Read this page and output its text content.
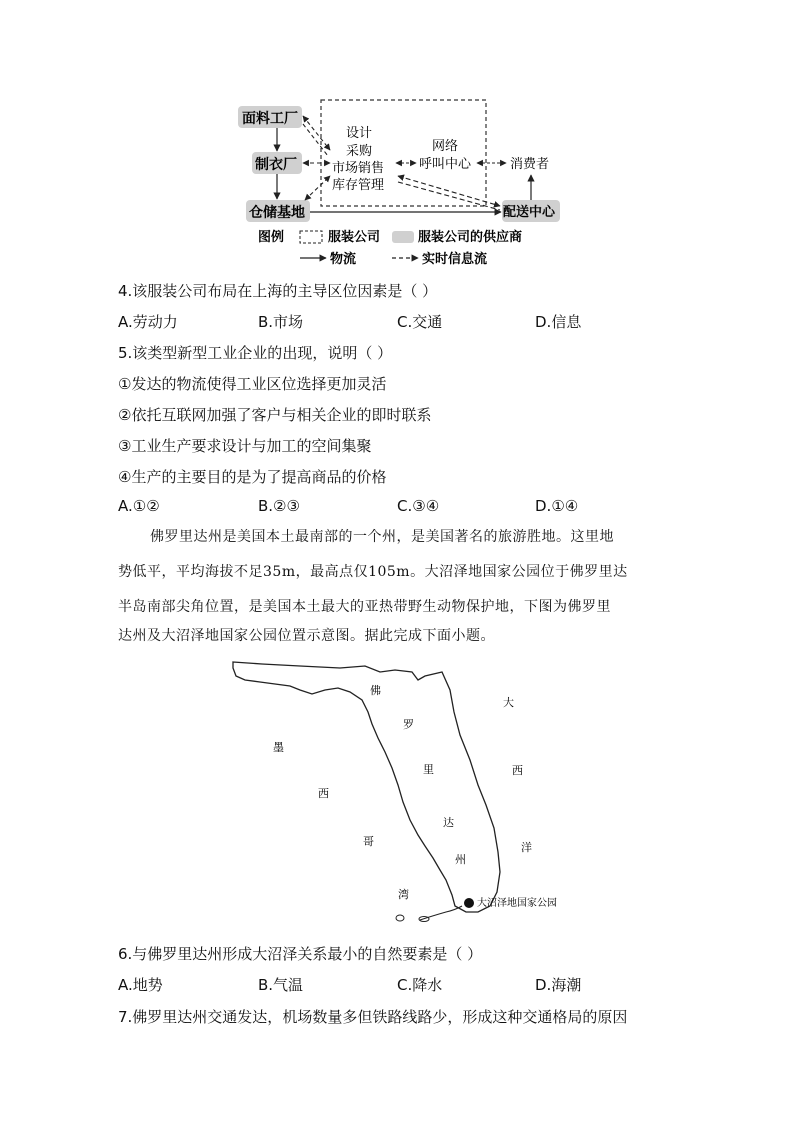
面料工厂
制衣厂
仓储基地	配送中心
设计
采购
市场销售
库存管理
网络
呼叫中心	消费者
图例	服装公司	服装公司的供应商
物流	实时信息流
4.该服装公司布局在上海的主导区位因素是（ ）
A.劳动力	B.市场	C.交通	D.信息
5.该类型新型工业企业的出现，说明（ ）
①发达的物流使得工业区位选择更加灵活
②依托互联网加强了客户与相关企业的即时联系
③工业生产要求设计与加工的空间集聚
④生产的主要目的是为了提高商品的价格
A.①②	B.②③	C.③④	D.①④
佛罗里达州是美国本土最南部的一个州，是美国著名的旅游胜地。这里地
势低平，平均海拔不足35m，最高点仅105m。大沼泽地国家公园位于佛罗里达
半岛南部尖角位置，是美国本土最大的亚热带野生动物保护地，下图为佛罗里
达州及大沼泽地国家公园位置示意图。据此完成下面小题。
大沼泽地国家公园
佛
罗
里
达
州
墨
西
哥
湾
大
西
洋
6.与佛罗里达州形成大沼泽关系最小的自然要素是（ ）
A.地势	B.气温	C.降水	D.海潮
7.佛罗里达州交通发达，机场数量多但铁路线路少，形成这种交通格局的原因
